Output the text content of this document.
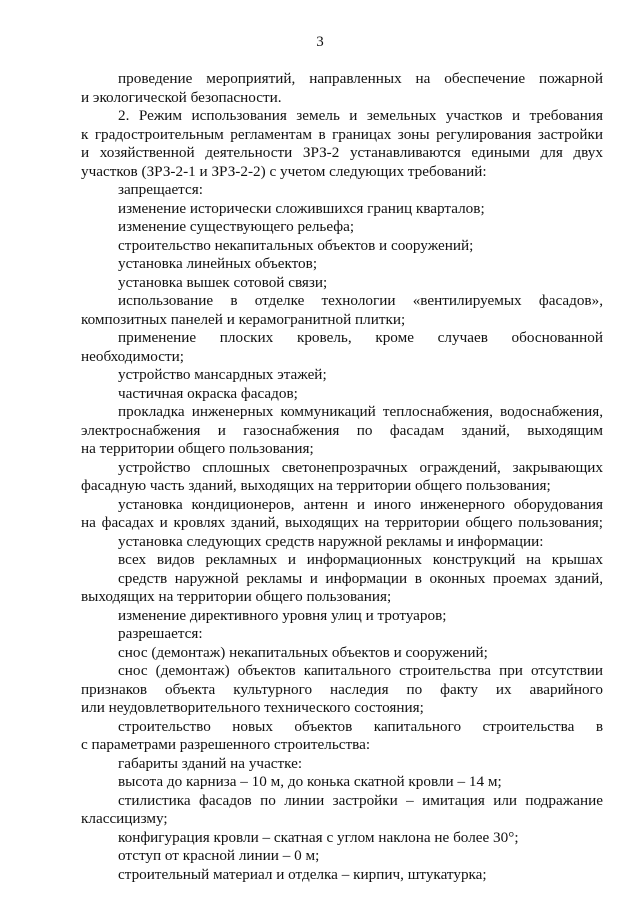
3
проведение мероприятий, направленных на обеспечение пожарной
и экологической безопасности.
2. Режим использования земель и земельных участков и требования
к градостроительным регламентам в границах зоны регулирования застройки
и хозяйственной деятельности ЗРЗ-2 устанавливаются едиными для двух
участков (ЗРЗ-2-1 и ЗРЗ-2-2) с учетом следующих требований:
запрещается:
изменение исторически сложившихся границ кварталов;
изменение существующего рельефа;
строительство некапитальных объектов и сооружений;
установка линейных объектов;
установка вышек сотовой связи;
использование в отделке технологии «вентилируемых фасадов»,
композитных панелей и керамогранитной плитки;
применение плоских кровель, кроме случаев обоснованной
необходимости;
устройство мансардных этажей;
частичная окраска фасадов;
прокладка инженерных коммуникаций теплоснабжения, водоснабжения,
электроснабжения и газоснабжения по фасадам зданий, выходящим
на территории общего пользования;
устройство сплошных светонепрозрачных ограждений, закрывающих
фасадную часть зданий, выходящих на территории общего пользования;
установка кондиционеров, антенн и иного инженерного оборудования
на фасадах и кровлях зданий, выходящих на территории общего пользования;
установка следующих средств наружной рекламы и информации:
всех видов рекламных и информационных конструкций на крышах
средств наружной рекламы и информации в оконных проемах зданий,
выходящих на территории общего пользования;
изменение директивного уровня улиц и тротуаров;
разрешается:
снос (демонтаж) некапитальных объектов и сооружений;
снос (демонтаж) объектов капитального строительства при отсутствии
признаков объекта культурного наследия по факту их аварийного
или неудовлетворительного технического состояния;
строительство новых объектов капитального строительства в
с параметрами разрешенного строительства:
габариты зданий на участке:
высота до карниза – 10 м, до конька скатной кровли – 14 м;
стилистика фасадов по линии застройки – имитация или подражание
классицизму;
конфигурация кровли – скатная с углом наклона не более 30°;
отступ от красной линии – 0 м;
строительный материал и отделка – кирпич, штукатурка;
